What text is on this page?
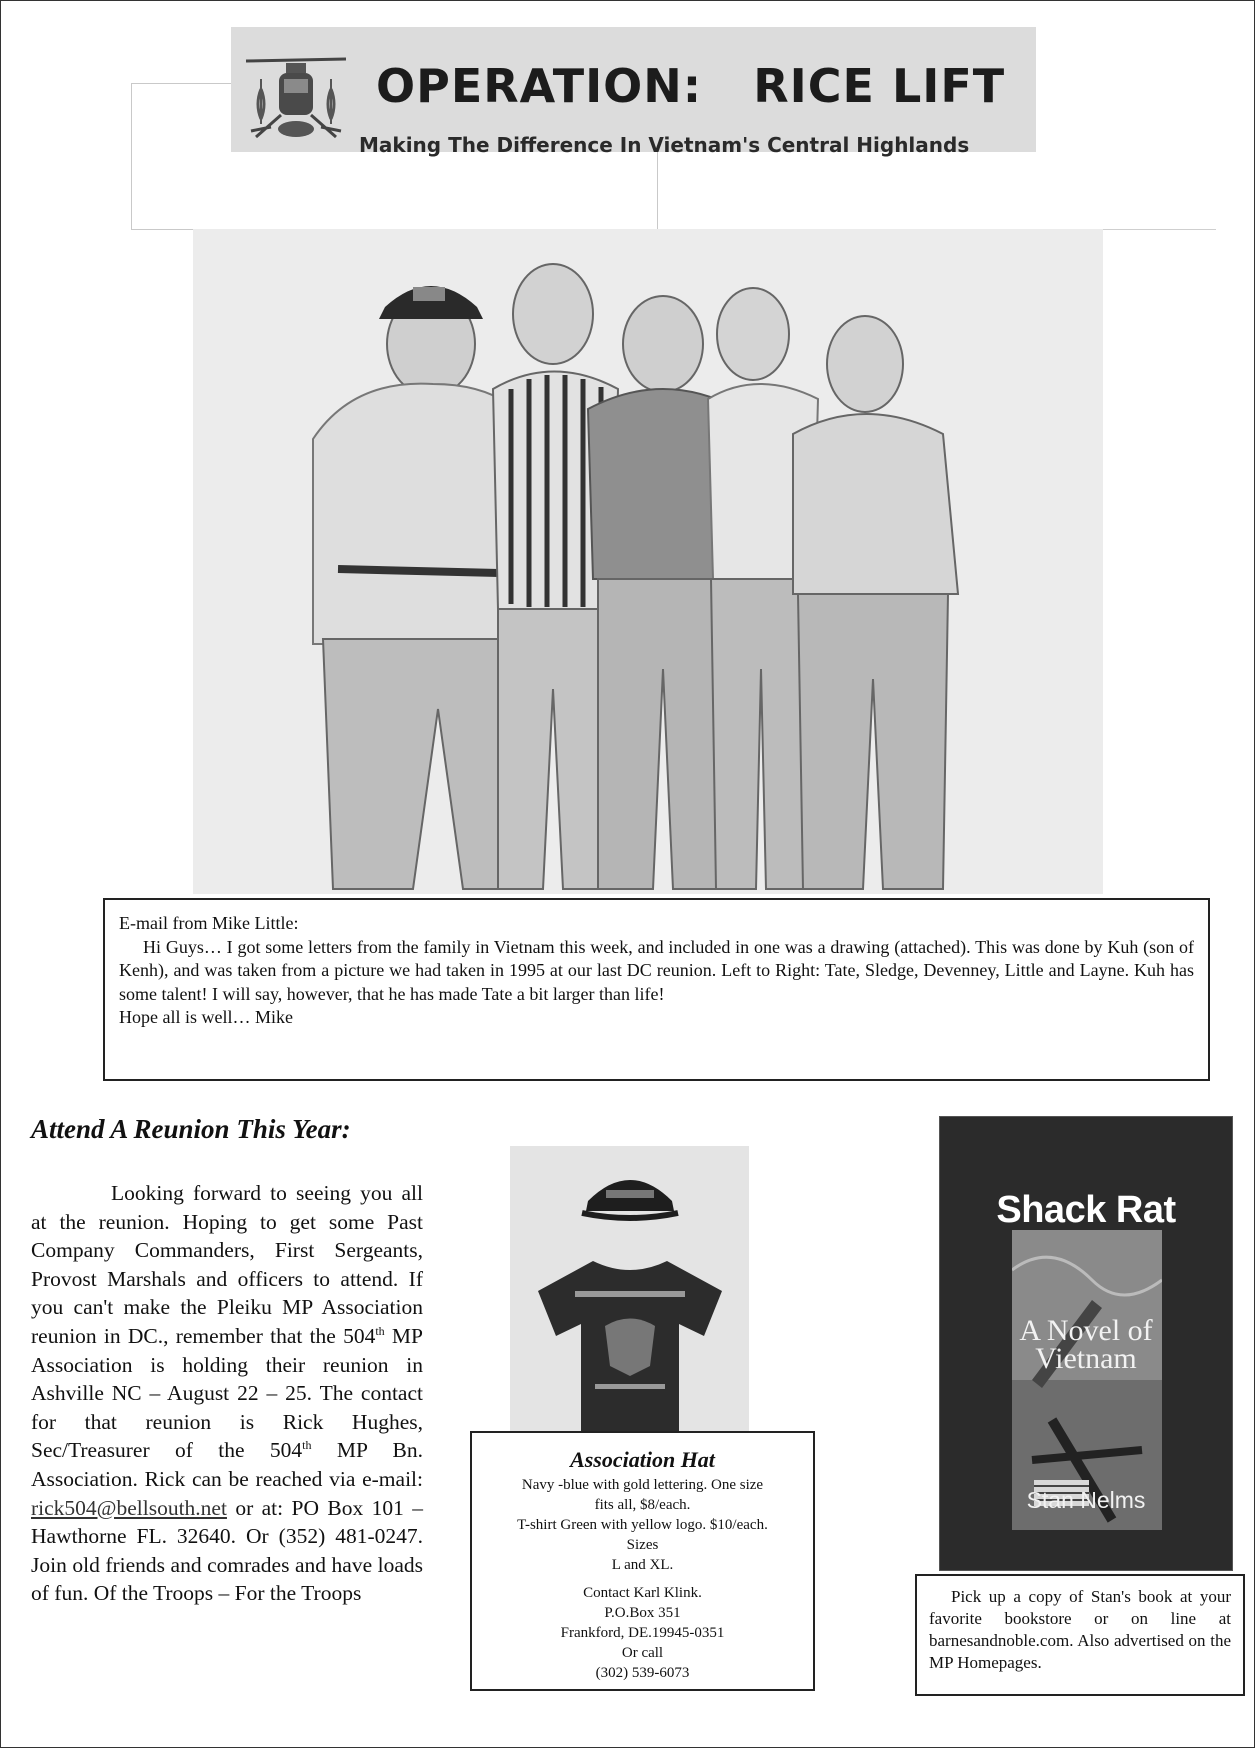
OPERATION:   RICE LIFT
Making The Difference In Vietnam's Central Highlands

E-mail from Mike Little:

Hi Guys… I got some letters from the family in Vietnam this week, and included in one was a drawing (attached). This was done by Kuh (son of Kenh), and was taken from a picture we had taken in 1995 at our last DC reunion. Left to Right: Tate, Sledge, Devenney, Little and Layne. Kuh has some talent! I will say, however, that he has made Tate a bit larger than life!

Hope all is well… Mike

Attend A Reunion This Year:
Looking forward to seeing you all at the reunion. Hoping to get some Past Company Commanders, First Sergeants, Provost Marshals and officers to attend. If you can't make the Pleiku MP Association reunion in DC., remember that the 504th MP Association is holding their reunion in Ashville NC – August 22 – 25. The contact for that reunion is Rick Hughes, Sec/Treasurer of the 504th MP Bn. Association. Rick can be reached via e-mail: rick504@bellsouth.net or at: PO Box 101 – Hawthorne FL. 32640. Or (352) 481-0247. Join old friends and comrades and have loads of fun. Of the Troops – For the Troops
Association Hat
Navy -blue with gold lettering. One size
fits all, $8/each.
T-shirt Green with yellow logo. $10/each.
Sizes
L and XL.
Contact Karl Klink.
P.O.Box 351
Frankford, DE.19945-0351
Or call
(302) 539-6073
Shack Rat
A Novel of
Vietnam
Stan Nelms
Pick up a copy of Stan's book at your favorite bookstore or on line at barnesandnoble.com. Also advertised on the MP Homepages.
